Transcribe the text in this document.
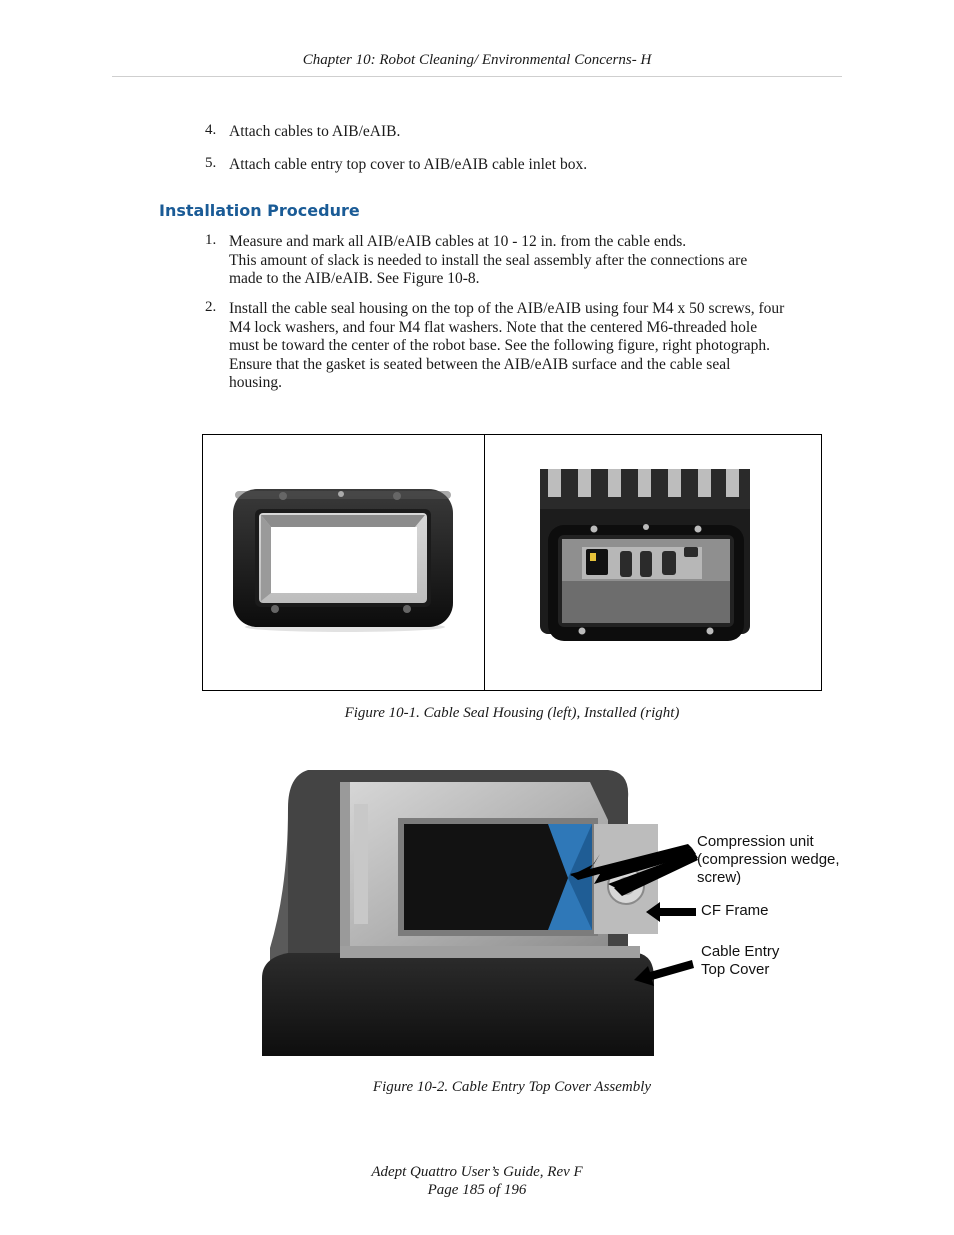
Chapter 10: Robot Cleaning/ Environmental Concerns- H
4. Attach cables to AIB/eAIB.
5. Attach cable entry top cover to AIB/eAIB cable inlet box.
Installation Procedure
1. Measure and mark all AIB/eAIB cables at 10 - 12 in. from the cable ends.
This amount of slack is needed to install the seal assembly after the connections are
made to the AIB/eAIB. See Figure 10-8.
2. Install the cable seal housing on the top of the AIB/eAIB using four M4 x 50 screws, four
M4 lock washers, and four M4 flat washers. Note that the centered M6-threaded hole
must be toward the center of the robot base. See the following figure, right photograph.
Ensure that the gasket is seated between the AIB/eAIB surface and the cable seal
housing.
Figure 10-1. Cable Seal Housing (left), Installed (right)
Compression unit
(compression wedge,
screw)
CF Frame
Cable Entry
Top Cover
Figure 10-2. Cable Entry Top Cover Assembly
Adept Quattro User’s Guide, Rev F
Page 185 of 196
